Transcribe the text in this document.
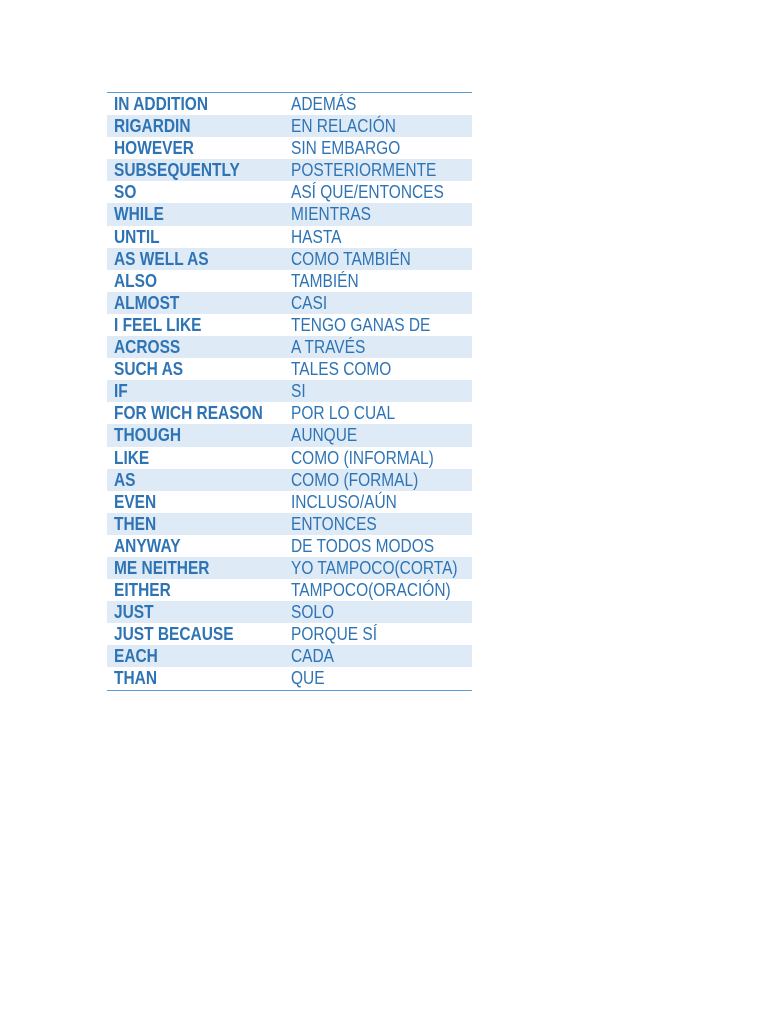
IN ADDITION	ADEMÁS
RIGARDIN	EN RELACIÓN
HOWEVER	SIN EMBARGO
SUBSEQUENTLY	POSTERIORMENTE
SO	ASÍ QUE/ENTONCES
WHILE	MIENTRAS
UNTIL	HASTA
AS WELL AS	COMO TAMBIÉN
ALSO	TAMBIÉN
ALMOST	CASI
I FEEL LIKE	TENGO GANAS DE
ACROSS	A TRAVÉS
SUCH AS	TALES COMO
IF	SI
FOR WICH REASON	POR LO CUAL
THOUGH	AUNQUE
LIKE	COMO (INFORMAL)
AS	COMO (FORMAL)
EVEN	INCLUSO/AÚN
THEN	ENTONCES
ANYWAY	DE TODOS MODOS
ME NEITHER	YO TAMPOCO(CORTA)
EITHER	TAMPOCO(ORACIÓN)
JUST	SOLO
JUST BECAUSE	PORQUE SÍ
EACH	CADA
THAN	QUE
